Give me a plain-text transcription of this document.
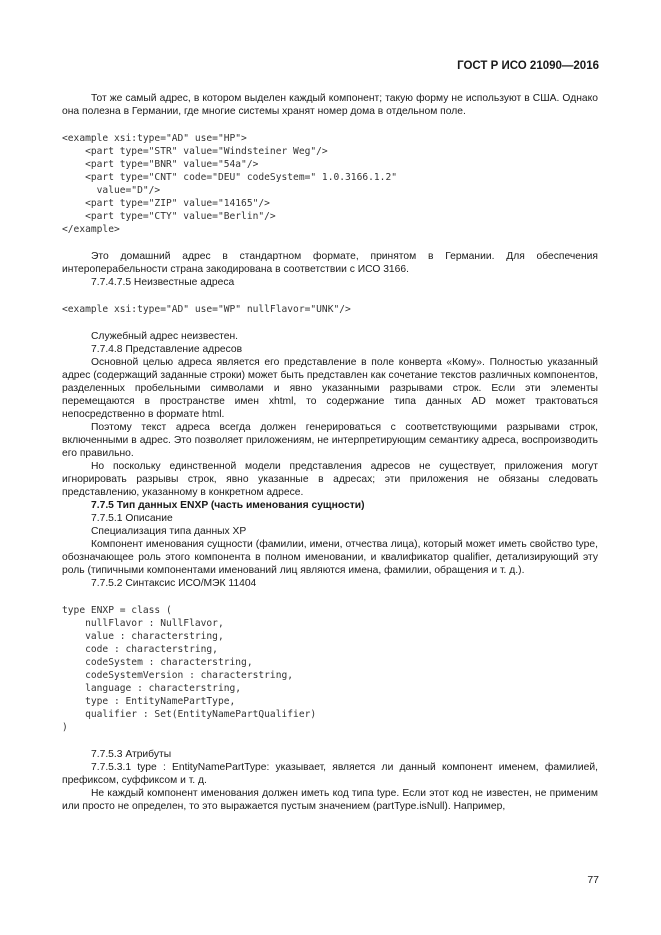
ГОСТ Р ИСО 21090—2016

Тот же самый адрес, в котором выделен каждый компонент; такую форму не используют в США. Однако она полезна в Германии, где многие системы хранят номер дома в отдельном поле.

<example xsi:type="AD" use="HP">
<part type="STR" value="Windsteiner Weg"/>
<part type="BNR" value="54a"/>
<part type="CNT" code="DEU" codeSystem=" 1.0.3166.1.2"
value="D"/>
<part type="ZIP" value="14165"/>
<part type="CTY" value="Berlin"/>
</example>

Это домашний адрес в стандартном формате, принятом в Германии. Для обеспечения интероперабельности страна закодирована в соответствии с ИСО 3166.

7.7.4.7.5 Неизвестные адреса

<example xsi:type="AD" use="WP" nullFlavor="UNK"/>

Служебный адрес неизвестен.

7.7.4.8 Представление адресов

Основной целью адреса является его представление в поле конверта «Кому». Полностью указанный адрес (содержащий заданные строки) может быть представлен как сочетание текстов различных компонентов, разделенных пробельными символами и явно указанными разрывами строк. Если эти элементы перемещаются в пространстве имен xhtml, то содержание типа данных AD может трактоваться непосредственно в формате html.

Поэтому текст адреса всегда должен генерироваться с соответствующими разрывами строк, включенными в адрес. Это позволяет приложениям, не интерпретирующим семантику адреса, воспроизводить его правильно.

Но поскольку единственной модели представления адресов не существует, приложения могут игнорировать разрывы строк, явно указанные в адресах; эти приложения не обязаны следовать представлению, указанному в конкретном адресе.

7.7.5 Тип данных ENXP (часть именования сущности)

7.7.5.1 Описание

Специализация типа данных XP

Компонент именования сущности (фамилии, имени, отчества лица), который может иметь свойство type, обозначающее роль этого компонента в полном именовании, и квалификатор qualifier, детализирующий эту роль (типичными компонентами именований лиц являются имена, фамилии, обращения и т. д.).

7.7.5.2 Синтаксис ИСО/МЭК 11404

type ENXP = class (
nullFlavor : NullFlavor,
value : characterstring,
code : characterstring,
codeSystem : characterstring,
codeSystemVersion : characterstring,
language : characterstring,
type : EntityNamePartType,
qualifier : Set(EntityNamePartQualifier)
)

7.7.5.3 Атрибуты

7.7.5.3.1 type : EntityNamePartType: указывает, является ли данный компонент именем, фамилией, префиксом, суффиксом и т. д.

Не каждый компонент именования должен иметь код типа type. Если этот код не известен, не применим или просто не определен, то это выражается пустым значением (partType.isNull). Например,

77
